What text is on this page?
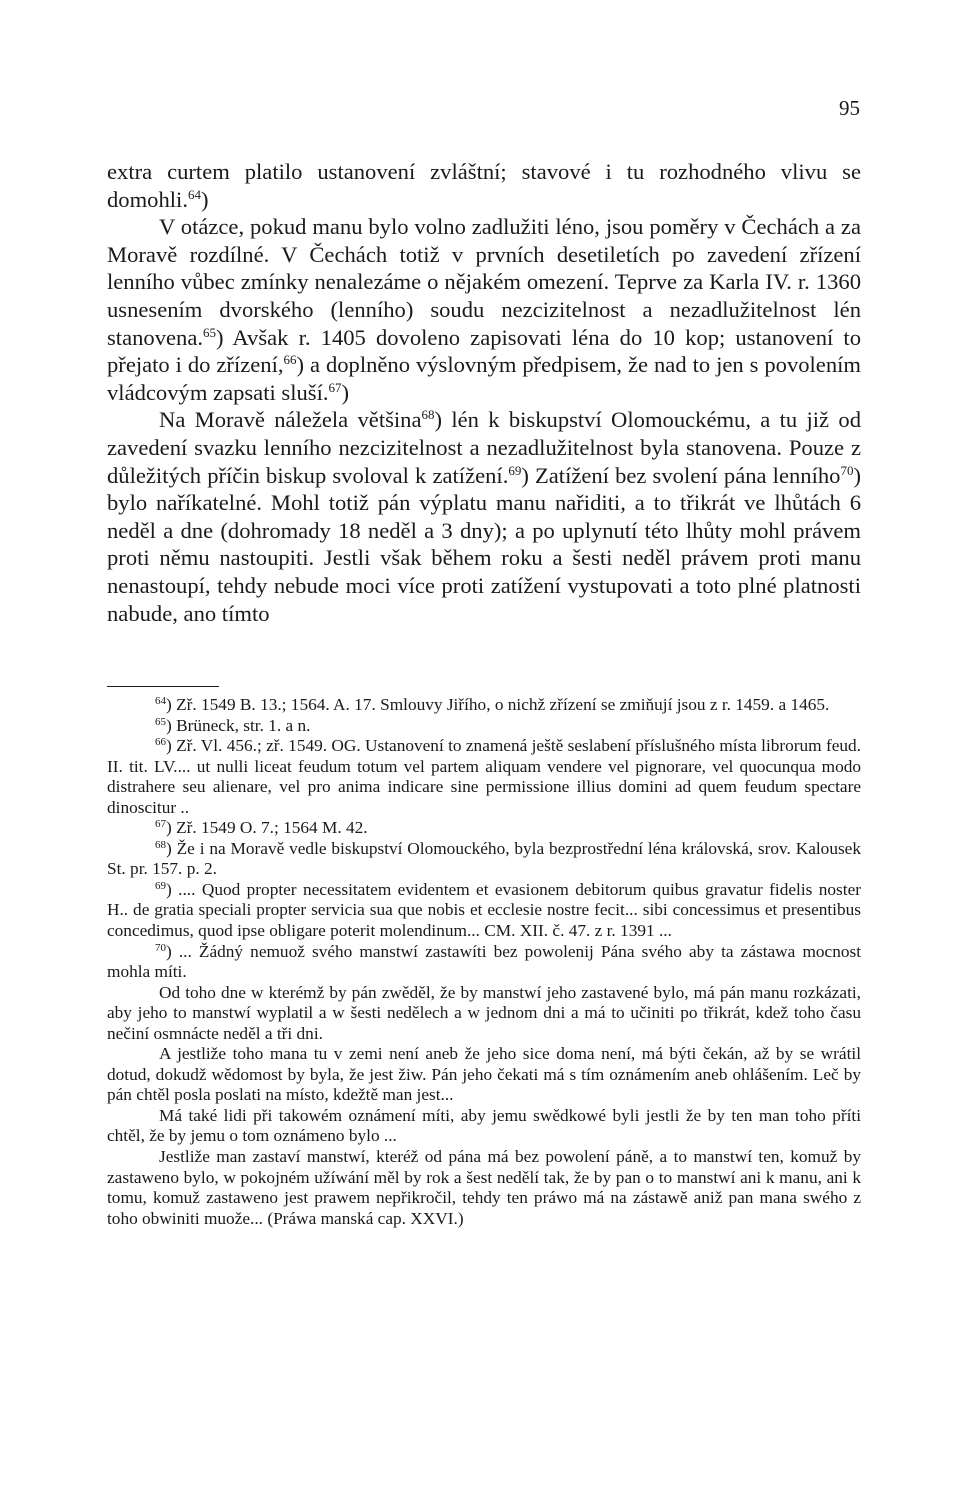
95

extra curtem platilo ustanovení zvláštní; stavové i tu rozhodného vlivu se domohli.$^{64}$)

V otázce, pokud manu bylo volno zadlužiti léno, jsou poměry v Čechách a za Moravě rozdílné. V Čechách totiž v prvních desetiletích po zavedení zřízení lenního vůbec zmínky nenalezáme o nějakém omezení. Teprve za Karla IV. r. 1360 usnesením dvorského (lenního) soudu nezcizitelnost a nezadlužitelnost lén stanovena.$^{65}$) Avšak r. 1405 dovoleno zapisovati léna do 10 kop; ustanovení to přejato i do zřízení,$^{66}$) a doplněno výslovným předpisem, že nad to jen s povolením vládcovým zapsati sluší.$^{67}$)

Na Moravě náležela většina$^{68}$) lén k biskupství Olomouckému, a tu již od zavedení svazku lenního nezcizitelnost a nezadlužitelnost byla stanovena. Pouze z důležitých příčin biskup svoloval k zatížení.$^{69}$) Zatížení bez svolení pána lenního$^{70}$) bylo naříkatelné. Mohl totiž pán výplatu manu nařiditi, a to třikrát ve lhůtách 6 neděl a dne (dohromady 18 neděl a 3 dny); a po uplynutí této lhůty mohl právem proti němu nastoupiti. Jestli však během roku a šesti neděl právem proti manu nenastoupí, tehdy nebude moci více proti zatížení vystupovati a toto plné platnosti nabude, ano tímto

$^{64}$) Zř. 1549 B. 13.; 1564. A. 17. Smlouvy Jiřího, o nichž zřízení se zmiňují jsou z r. 1459. a 1465.

$^{65}$) Brüneck, str. 1. a n.

$^{66}$) Zř. Vl. 456.; zř. 1549. OG. Ustanovení to znamená ještě seslabení příslušného místa librorum feud. II. tit. LV.... ut nulli liceat feudum totum vel partem aliquam vendere vel pignorare, vel quocunqua modo distrahere seu alienare, vel pro anima indicare sine permissione illius domini ad quem feudum spectare dinoscitur ..

$^{67}$) Zř. 1549 O. 7.; 1564 M. 42.

$^{68}$) Že i na Moravě vedle biskupství Olomouckého, byla bezprostřední léna královská, srov. Kalousek St. pr. 157. p. 2.

$^{69}$) .... Quod propter necessitatem evidentem et evasionem debitorum quibus gravatur fidelis noster H.. de gratia speciali propter servicia sua que nobis et ecclesie nostre fecit... sibi concessimus et presentibus concedimus, quod ipse obligare poterit molendinum... CM. XII. č. 47. z r. 1391 ...

$^{70}$) ... Žádný nemuož svého manstwí zastawíti bez powolenij Pána svého aby ta zástawa mocnost mohla míti.

Od toho dne w kterémž by pán zwěděl, že by manstwí jeho zastavené bylo, má pán manu rozkázati, aby jeho to manstwí wyplatil a w šesti nedělech a w jednom dni a má to učiniti po třikrát, kdež toho času nečiní osmnácte neděl a tři dni.

A jestliže toho mana tu v zemi není aneb že jeho sice doma není, má býti čekán, až by se wrátil dotud, dokudž wědomost by byla, že jest žiw. Pán jeho čekati má s tím oznámením aneb ohlášením. Leč by pán chtěl posla poslati na místo, kdežtě man jest...

Má také lidi při takowém oznámení míti, aby jemu swědkowé byli jestli že by ten man toho příti chtěl, že by jemu o tom oznámeno bylo ...

Jestliže man zastaví manstwí, kteréž od pána má bez powolení páně, a to manstwí ten, komuž by zastaweno bylo, w pokojném užíwání měl by rok a šest nedělí tak, že by pan o to manstwí ani k manu, ani k tomu, komuž zastaweno jest prawem nepřikročil, tehdy ten práwo má na zástawě aniž pan mana swého z toho obwiniti muože... (Práwa manská cap. XXVI.)
